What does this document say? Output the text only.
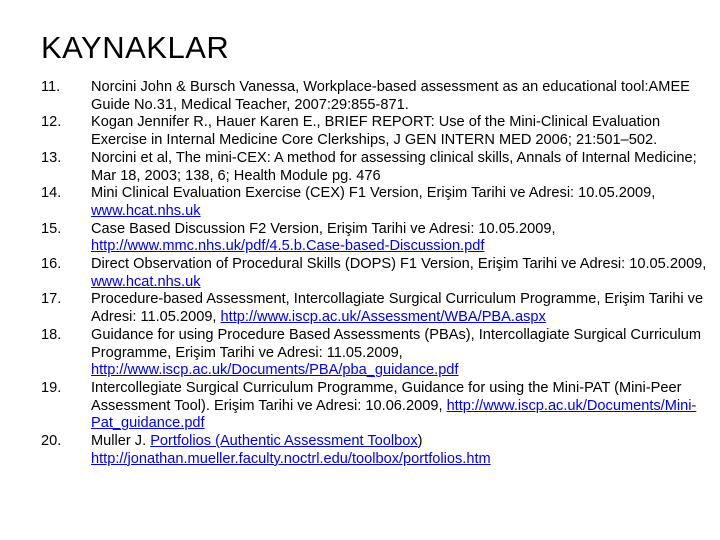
KAYNAKLAR
11. Norcini John & Bursch Vanessa, Workplace-based assessment as an educational tool:AMEE Guide No.31, Medical Teacher, 2007:29:855-871.
12. Kogan Jennifer R., Hauer Karen E., BRIEF REPORT: Use of the Mini-Clinical Evaluation Exercise in Internal Medicine Core Clerkships, J GEN INTERN MED 2006; 21:501–502.
13. Norcini et al, The mini-CEX: A method for assessing clinical skills, Annals of Internal Medicine; Mar 18, 2003; 138, 6; Health Module pg. 476
14. Mini Clinical Evaluation Exercise (CEX) F1 Version, Erişim Tarihi ve Adresi: 10.05.2009, www.hcat.nhs.uk
15. Case Based Discussion F2 Version, Erişim Tarihi ve Adresi: 10.05.2009, http://www.mmc.nhs.uk/pdf/4.5.b.Case-based-Discussion.pdf
16. Direct Observation of Procedural Skills (DOPS) F1 Version, Erişim Tarihi ve Adresi: 10.05.2009, www.hcat.nhs.uk
17. Procedure-based Assessment, Intercollagiate Surgical Curriculum Programme, Erişim Tarihi ve Adresi: 11.05.2009, http://www.iscp.ac.uk/Assessment/WBA/PBA.aspx
18. Guidance for using Procedure Based Assessments (PBAs), Intercollagiate Surgical Curriculum Programme, Erişim Tarihi ve Adresi: 11.05.2009, http://www.iscp.ac.uk/Documents/PBA/pba_guidance.pdf
19. Intercollegiate Surgical Curriculum Programme, Guidance for using the Mini-PAT (Mini-Peer Assessment Tool). Erişim Tarihi ve Adresi: 10.06.2009, http://www.iscp.ac.uk/Documents/Mini-Pat_guidance.pdf
20. Muller J. Portfolios (Authentic Assessment Toolbox)
http://jonathan.mueller.faculty.noctrl.edu/toolbox/portfolios.htm
